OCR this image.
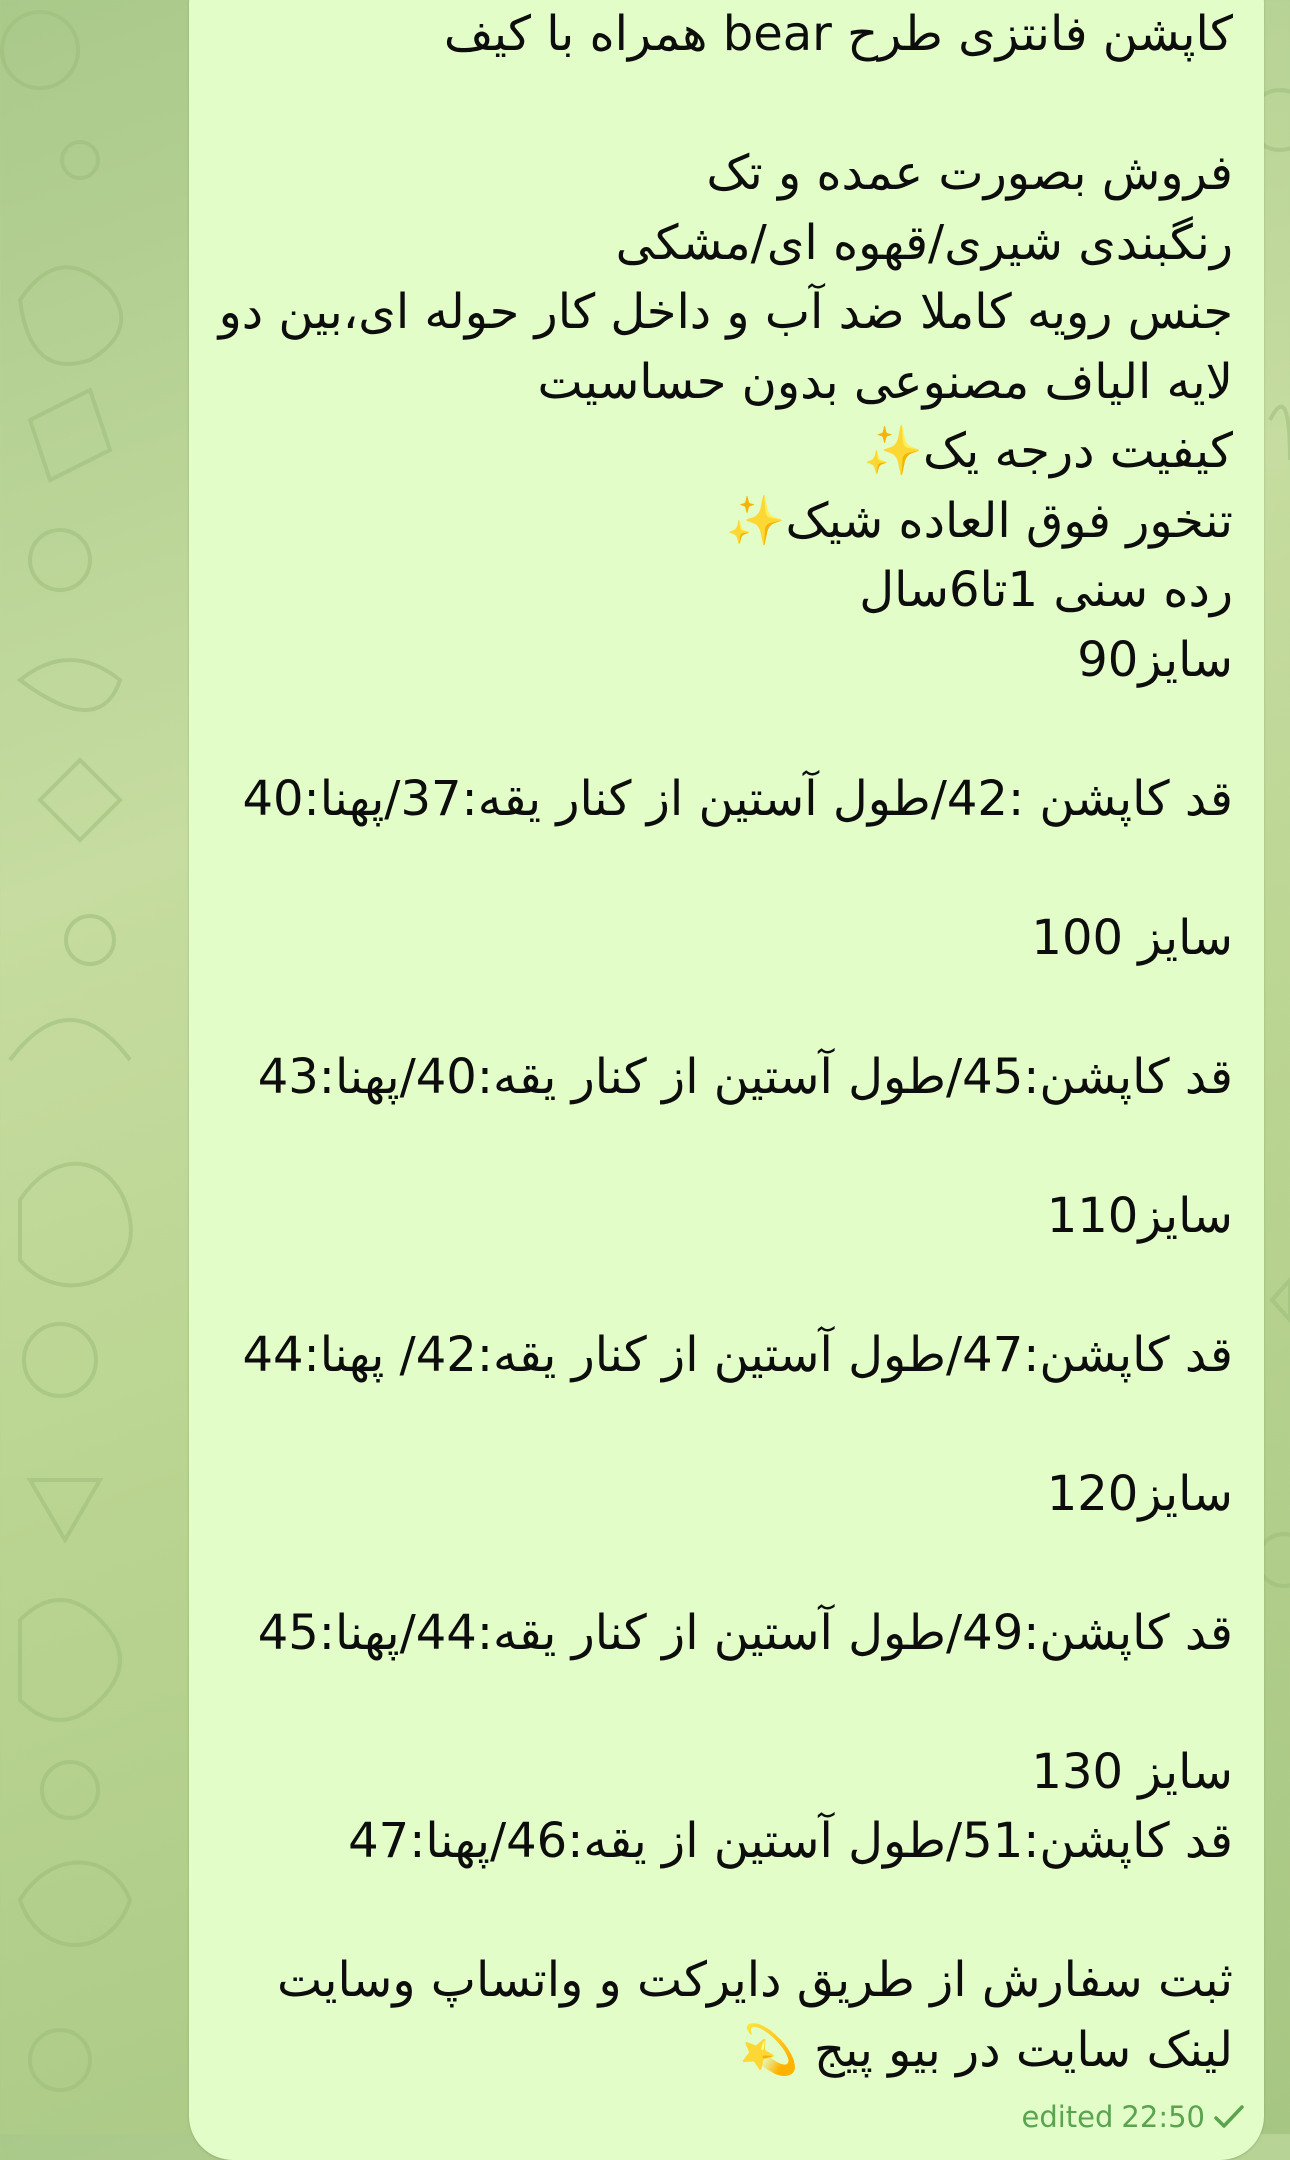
کاپشن فانتزی طرح bear همراه با کیف
فروش بصورت عمده و تک
رنگبندی شیری/قهوه ای/مشکی
جنس رویه کاملا ضد آب و داخل کار حوله ای،بین دو
لایه الیاف مصنوعی بدون حساسیت
کیفیت درجه یک✨
تنخور فوق العاده شیک✨
رده سنی 1تا6سال
سایز90
قد کاپشن :42/طول آستین از کنار یقه:37/پهنا:40
سایز 100
قد کاپشن:45/طول آستین از کنار یقه:40/پهنا:43
سایز110
قد کاپشن:47/طول آستین از کنار یقه:42/ پهنا:44
سایز120
قد کاپشن:49/طول آستین از کنار یقه:44/پهنا:45
سایز 130
قد کاپشن:51/طول آستین از یقه:46/پهنا:47
ثبت سفارش از طریق دایرکت و واتساپ وسایت
لینک سایت در بیو پیج 💫
edited 22:50
